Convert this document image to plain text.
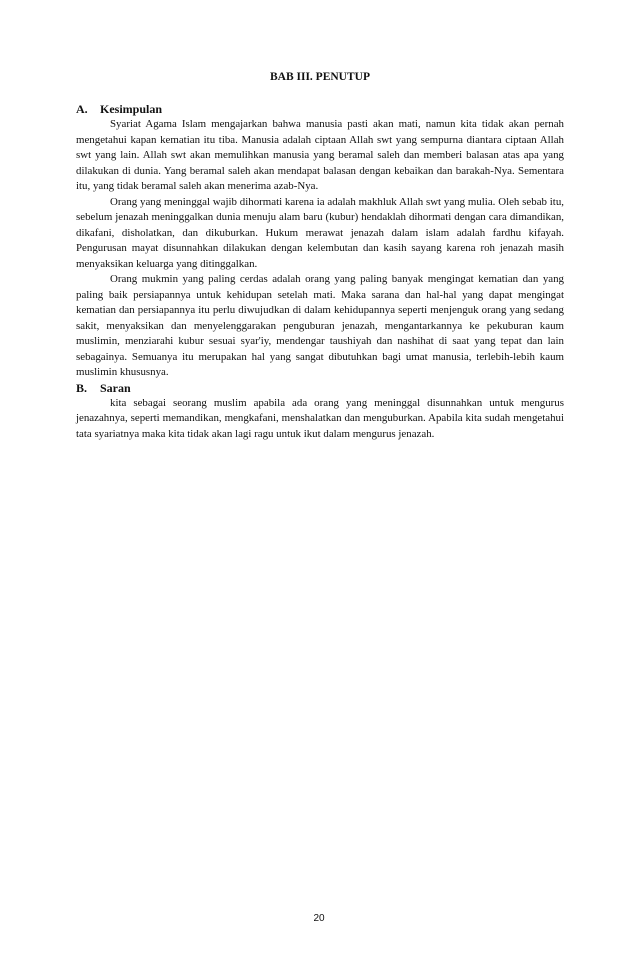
BAB III. PENUTUP
A.	Kesimpulan

Syariat Agama Islam mengajarkan bahwa manusia pasti akan mati, namun kita tidak akan pernah mengetahui kapan kematian itu tiba. Manusia adalah ciptaan Allah swt yang sempurna diantara ciptaan Allah swt yang lain. Allah swt akan memulihkan manusia yang beramal saleh dan memberi balasan atas apa yang dilakukan di dunia. Yang beramal saleh akan mendapat balasan dengan kebaikan dan barakah-Nya. Sementara itu, yang tidak beramal saleh akan menerima azab-Nya.

Orang yang meninggal wajib dihormati karena ia adalah makhluk Allah swt yang mulia. Oleh sebab itu, sebelum jenazah meninggalkan dunia menuju alam baru (kubur) hendaklah dihormati dengan cara dimandikan, dikafani, disholatkan, dan dikuburkan. Hukum merawat jenazah dalam islam adalah fardhu kifayah. Pengurusan mayat disunnahkan dilakukan dengan kelembutan dan kasih sayang karena roh jenazah masih menyaksikan keluarga yang ditinggalkan.

Orang mukmin yang paling cerdas adalah orang yang paling banyak mengingat kematian dan yang paling baik persiapannya untuk kehidupan setelah mati. Maka sarana dan hal-hal yang dapat mengingat kematian dan persiapannya itu perlu diwujudkan di dalam kehidupannya seperti menjenguk orang yang sedang sakit, menyaksikan dan menyelenggarakan penguburan jenazah, mengantarkannya ke pekuburan kaum muslimin, menziarahi kubur sesuai syar'iy, mendengar taushiyah dan nashihat di saat yang tepat dan lain sebagainya. Semuanya itu merupakan hal yang sangat dibutuhkan bagi umat manusia, terlebih-lebih kaum muslimin khususnya.

B.	Saran

kita sebagai seorang muslim apabila ada orang yang meninggal disunnahkan untuk mengurus jenazahnya, seperti memandikan, mengkafani, menshalatkan dan menguburkan. Apabila kita sudah mengetahui tata syariatnya maka kita tidak akan lagi ragu untuk ikut dalam mengurus jenazah.

20
